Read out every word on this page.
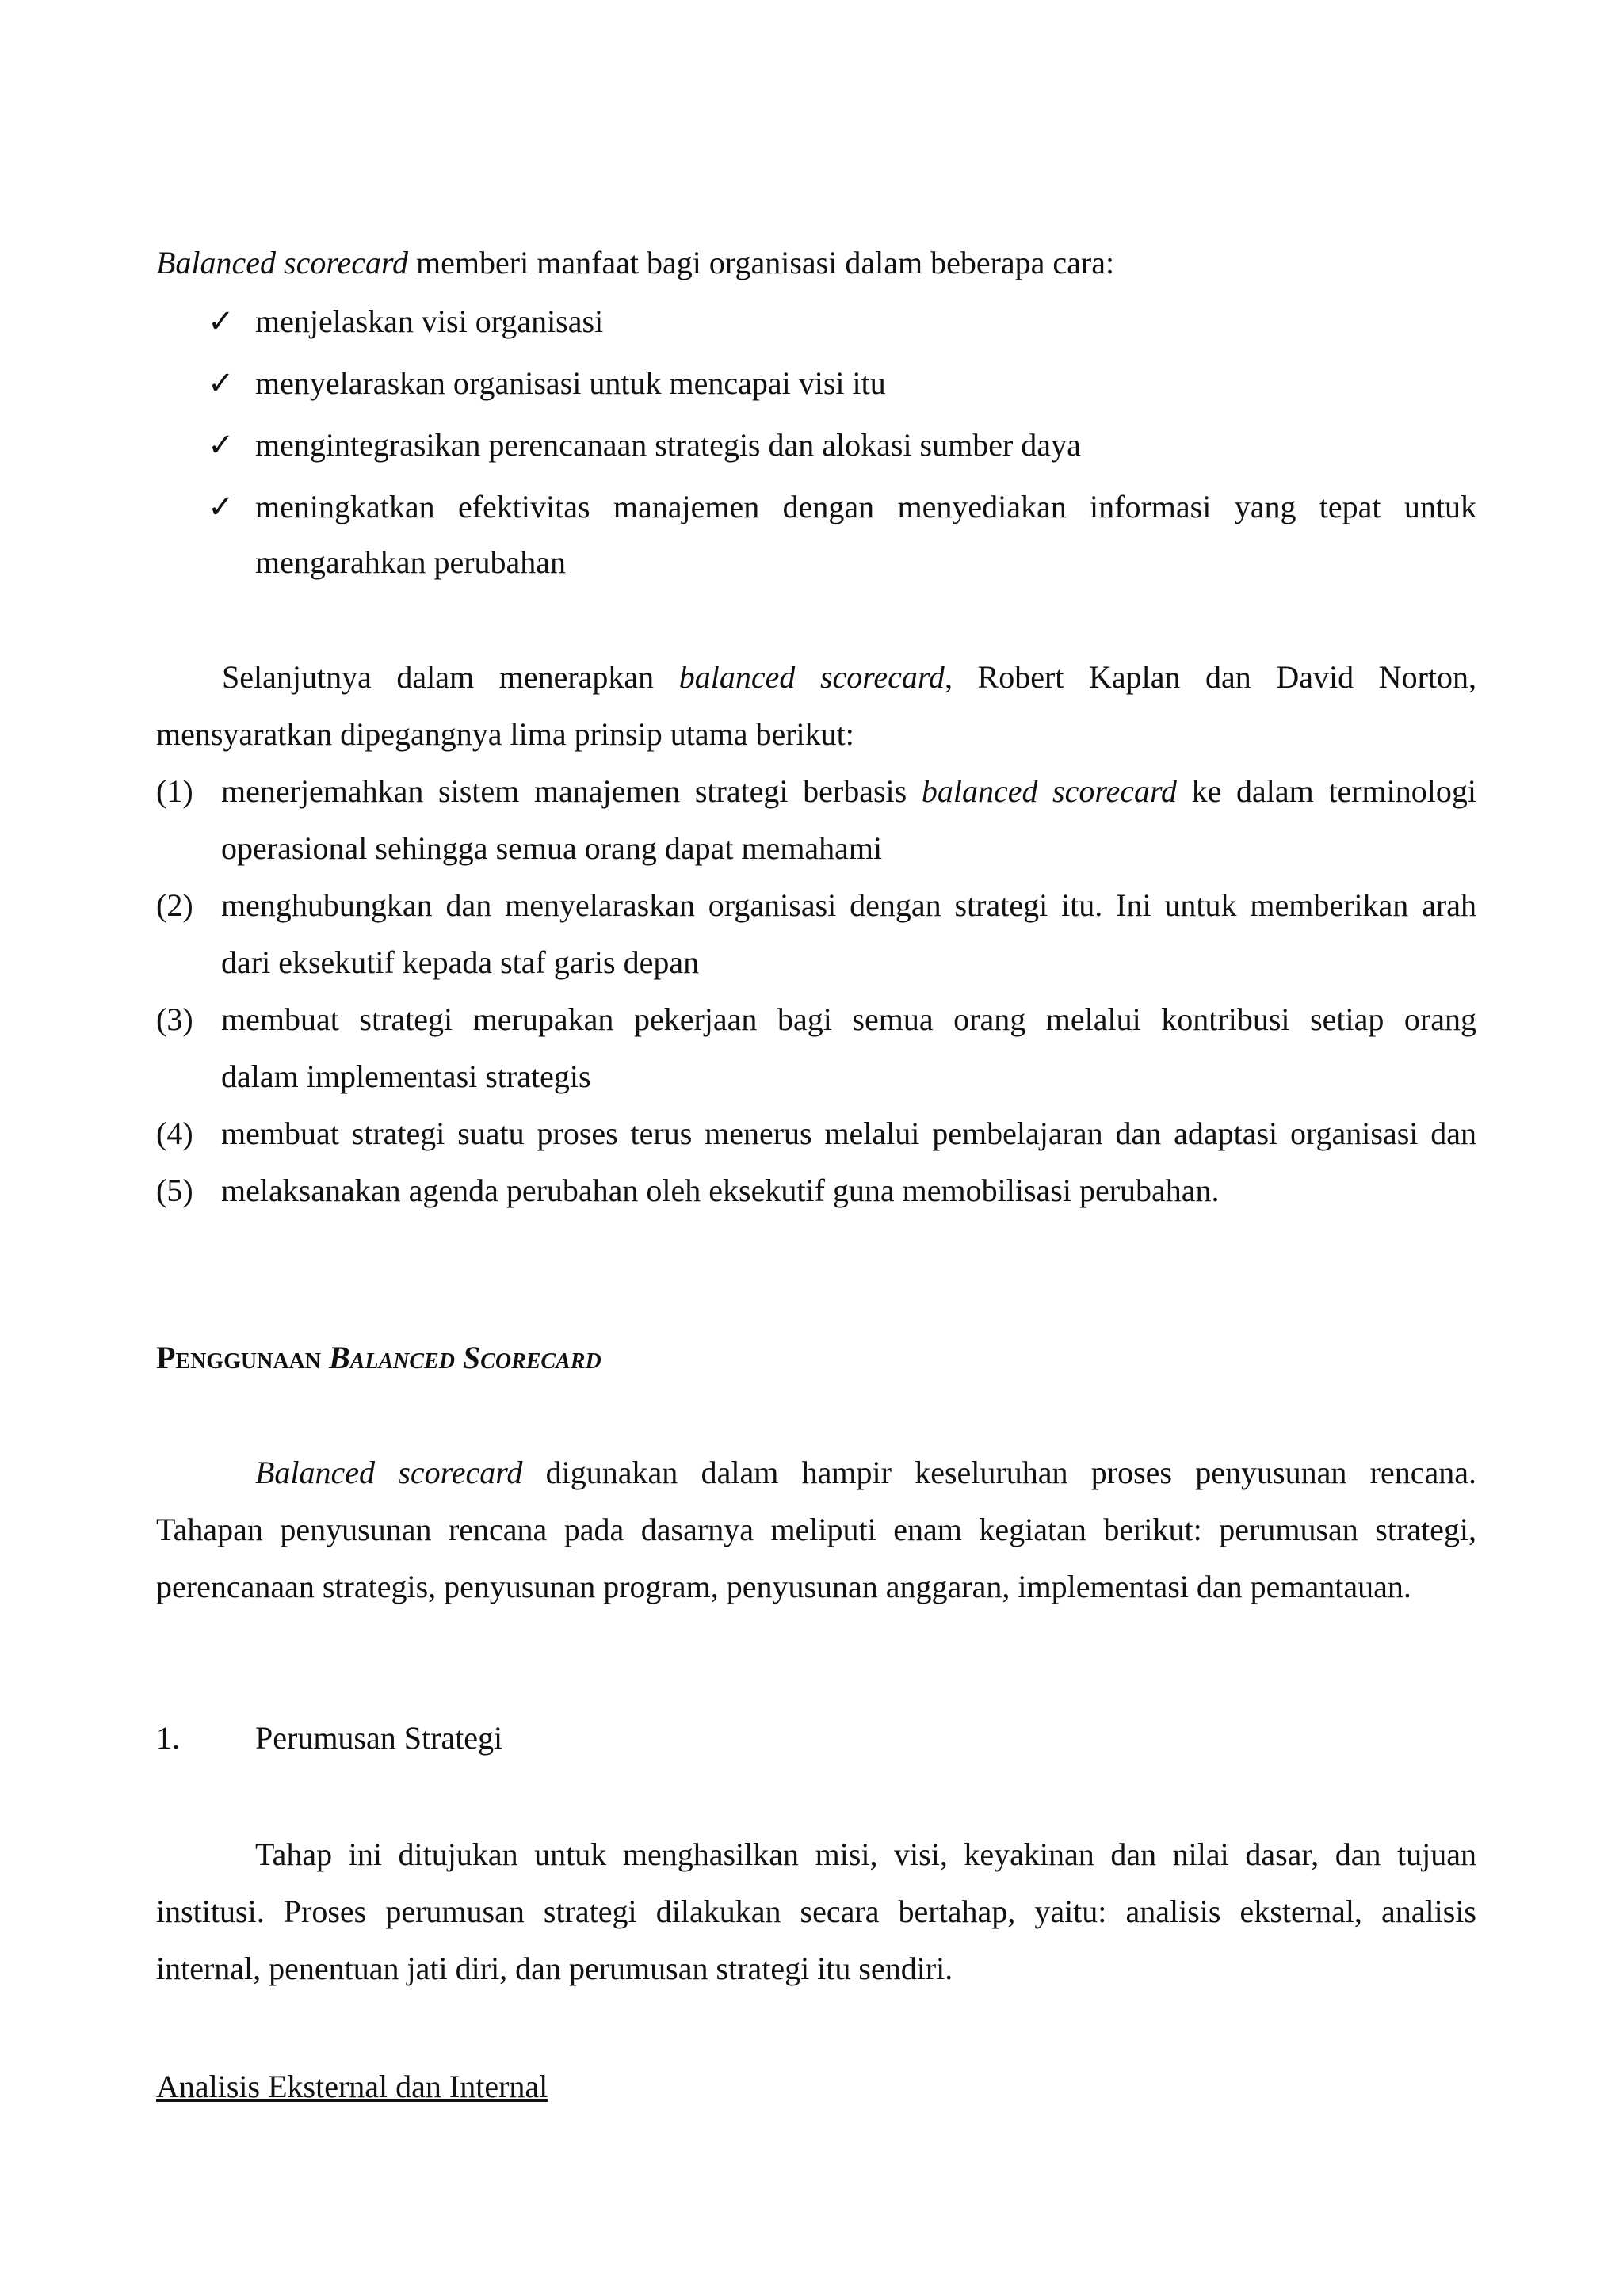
Balanced scorecard memberi manfaat bagi organisasi dalam beberapa cara:
✓ menjelaskan visi organisasi
✓ menyelaraskan organisasi untuk mencapai visi itu
✓ mengintegrasikan perencanaan strategis dan alokasi sumber daya
✓ meningkatkan efektivitas manajemen dengan menyediakan informasi yang tepat untuk
mengarahkan perubahan
Selanjutnya dalam menerapkan balanced scorecard, Robert Kaplan dan David Norton,
mensyaratkan dipegangnya lima prinsip utama berikut:
(1) menerjemahkan sistem manajemen strategi berbasis balanced scorecard ke dalam terminologi
operasional sehingga semua orang dapat memahami
(2) menghubungkan dan menyelaraskan organisasi dengan strategi itu. Ini untuk memberikan arah
dari eksekutif kepada staf garis depan
(3) membuat strategi merupakan pekerjaan bagi semua orang melalui kontribusi setiap orang
dalam implementasi strategis
(4) membuat strategi suatu proses terus menerus melalui pembelajaran dan adaptasi organisasi dan
(5) melaksanakan agenda perubahan oleh eksekutif guna memobilisasi perubahan.
Penggunaan Balanced Scorecard
Balanced scorecard digunakan dalam hampir keseluruhan proses penyusunan rencana.
Tahapan penyusunan rencana pada dasarnya meliputi enam kegiatan berikut: perumusan strategi,
perencanaan strategis, penyusunan program, penyusunan anggaran, implementasi dan pemantauan.
1. Perumusan Strategi
Tahap ini ditujukan untuk menghasilkan misi, visi, keyakinan dan nilai dasar, dan tujuan
institusi. Proses perumusan strategi dilakukan secara bertahap, yaitu: analisis eksternal, analisis
internal, penentuan jati diri, dan perumusan strategi itu sendiri.
Analisis Eksternal dan Internal
